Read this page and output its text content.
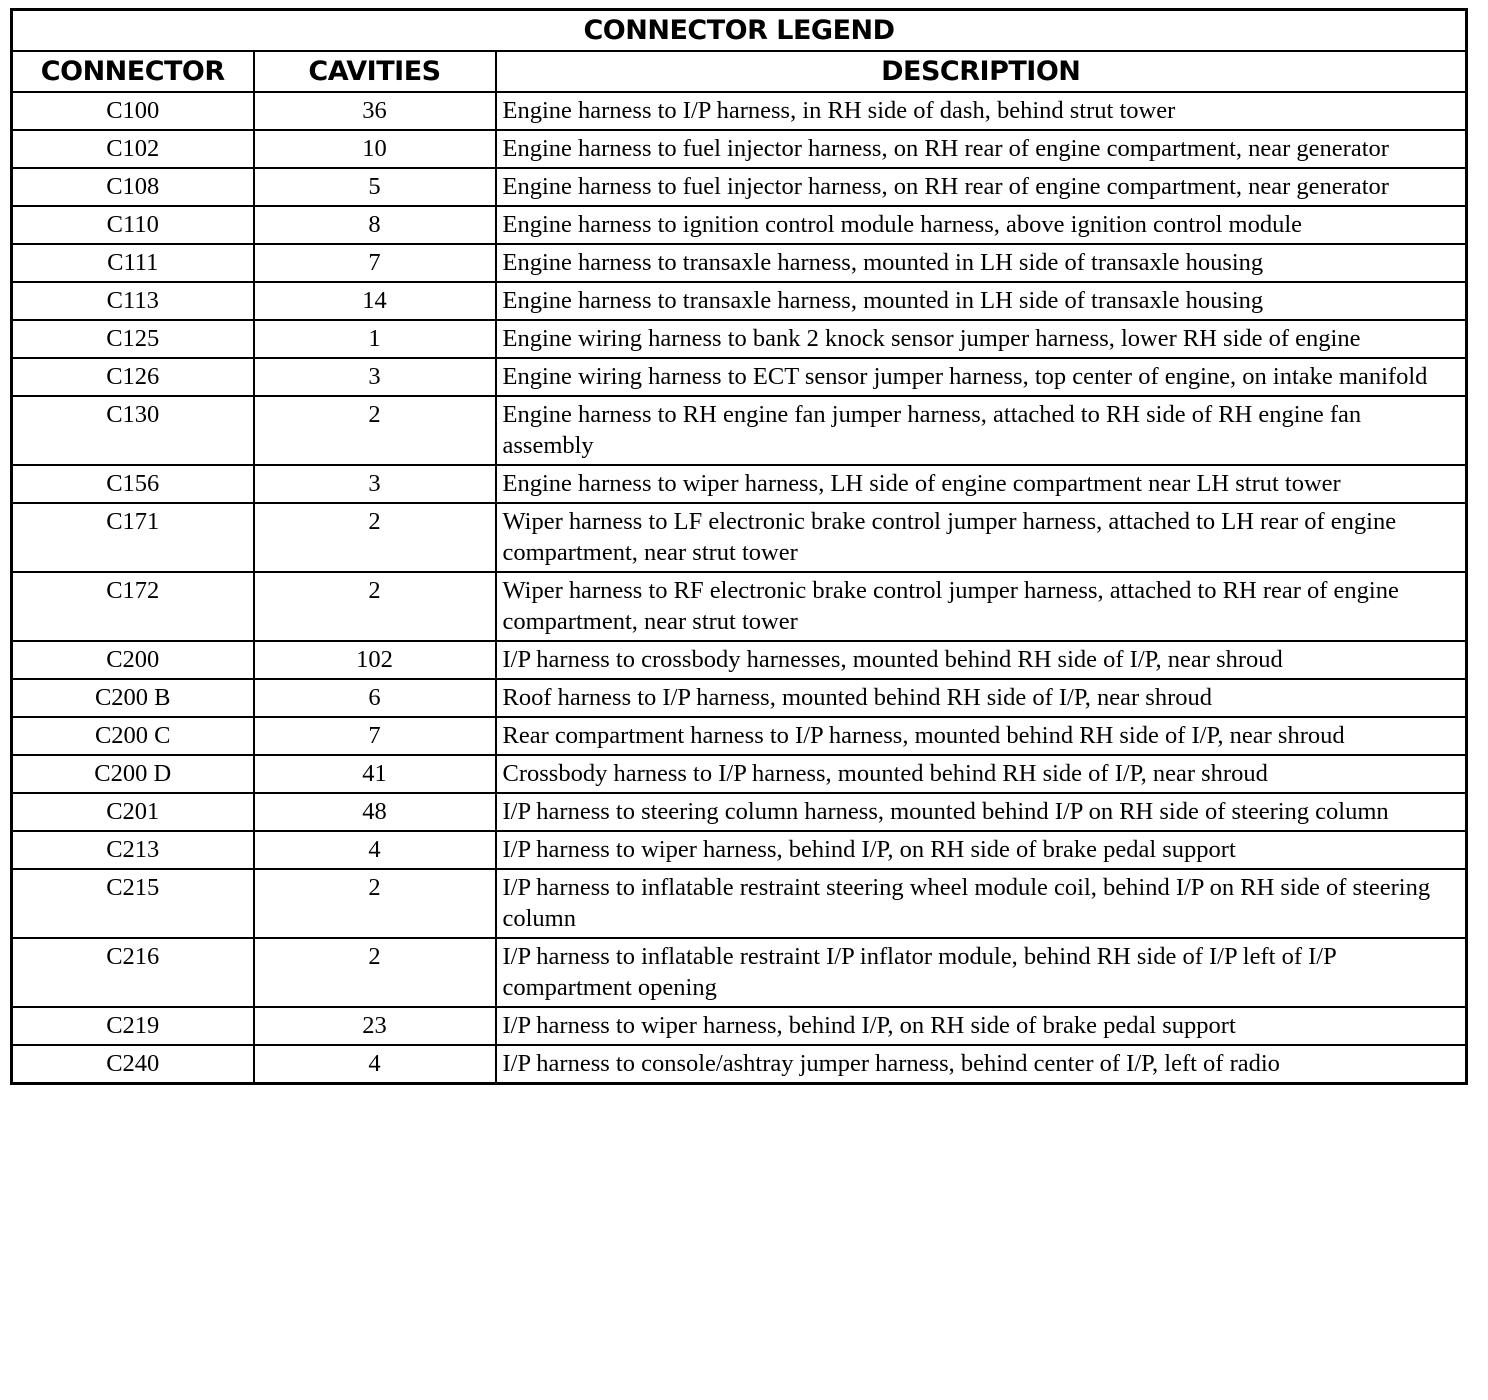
CONNECTOR LEGEND		
CONNECTOR	CAVITIES	DESCRIPTION
C100	36	Engine harness to I/P harness, in RH side of dash, behind strut tower
C102	10	Engine harness to fuel injector harness, on RH rear of engine compartment, near generator
C108	5	Engine harness to fuel injector harness, on RH rear of engine compartment, near generator
C110	8	Engine harness to ignition control module harness, above ignition control module
C111	7	Engine harness to transaxle harness, mounted in LH side of transaxle housing
C113	14	Engine harness to transaxle harness, mounted in LH side of transaxle housing
C125	1	Engine wiring harness to bank 2 knock sensor jumper harness, lower RH side of engine
C126	3	Engine wiring harness to ECT sensor jumper harness, top center of engine, on intake manifold
C130	2	Engine harness to RH engine fan jumper harness, attached to RH side of RH engine fan assembly
C156	3	Engine harness to wiper harness, LH side of engine compartment near LH strut tower
C171	2	Wiper harness to LF electronic brake control jumper harness, attached to LH rear of engine compartment, near strut tower
C172	2	Wiper harness to RF electronic brake control jumper harness, attached to RH rear of engine compartment, near strut tower
C200	102	I/P harness to crossbody harnesses, mounted behind RH side of I/P, near shroud
C200 B	6	Roof harness to I/P harness, mounted behind RH side of I/P, near shroud
C200 C	7	Rear compartment harness to I/P harness, mounted behind RH side of I/P, near shroud
C200 D	41	Crossbody harness to I/P harness, mounted behind RH side of I/P, near shroud
C201	48	I/P harness to steering column harness, mounted behind I/P on RH side of steering column
C213	4	I/P harness to wiper harness, behind I/P, on RH side of brake pedal support
C215	2	I/P harness to inflatable restraint steering wheel module coil, behind I/P on RH side of steering column
C216	2	I/P harness to inflatable restraint I/P inflator module, behind RH side of I/P left of I/P compartment opening
C219	23	I/P harness to wiper harness, behind I/P, on RH side of brake pedal support
C240	4	I/P harness to console/ashtray jumper harness, behind center of I/P, left of radio
